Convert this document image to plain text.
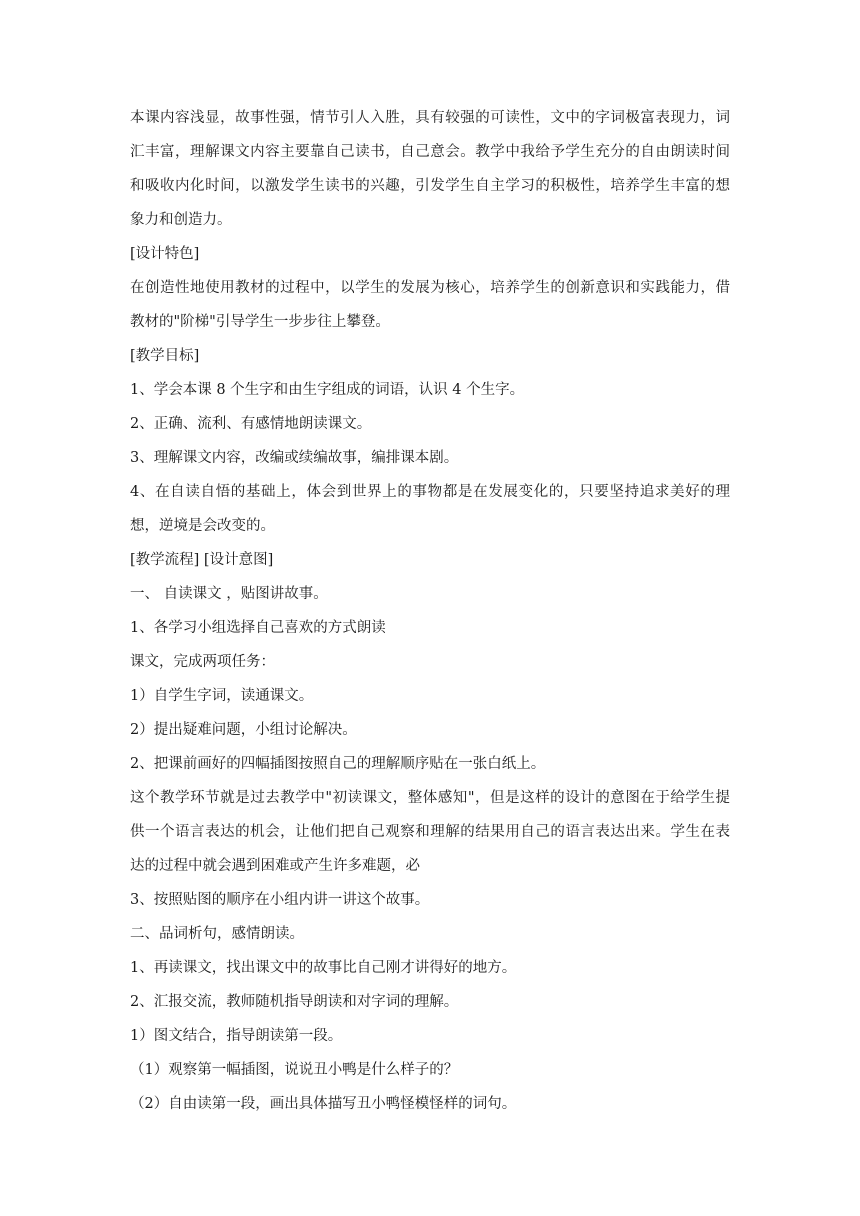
本课内容浅显，故事性强，情节引人入胜，具有较强的可读性，文中的字词极富表现力，词
汇丰富，理解课文内容主要靠自己读书，自己意会。教学中我给予学生充分的自由朗读时间
和吸收内化时间，以激发学生读书的兴趣，引发学生自主学习的积极性，培养学生丰富的想
象力和创造力。
[设计特色]
在创造性地使用教材的过程中，以学生的发展为核心，培养学生的创新意识和实践能力，借
教材的"阶梯"引导学生一步步往上攀登。
[教学目标]
1、学会本课 8 个生字和由生字组成的词语，认识 4 个生字。
2、正确、流利、有感情地朗读课文。
3、理解课文内容，改编或续编故事，编排课本剧。
4、在自读自悟的基础上，体会到世界上的事物都是在发展变化的，只要坚持追求美好的理
想，逆境是会改变的。
[教学流程] [设计意图]
一、 自读课文 ，贴图讲故事。
1、各学习小组选择自己喜欢的方式朗读
课文，完成两项任务：
1）自学生字词，读通课文。
2）提出疑难问题，小组讨论解决。
2、把课前画好的四幅插图按照自己的理解顺序贴在一张白纸上。
这个教学环节就是过去教学中"初读课文，整体感知"，但是这样的设计的意图在于给学生提
供一个语言表达的机会，让他们把自己观察和理解的结果用自己的语言表达出来。学生在表
达的过程中就会遇到困难或产生许多难题，必
3、按照贴图的顺序在小组内讲一讲这个故事。
二、品词析句，感情朗读。
1、再读课文，找出课文中的故事比自己刚才讲得好的地方。
2、汇报交流，教师随机指导朗读和对字词的理解。
1）图文结合，指导朗读第一段。
（1）观察第一幅插图，说说丑小鸭是什么样子的？
（2）自由读第一段，画出具体描写丑小鸭怪模怪样的词句。
